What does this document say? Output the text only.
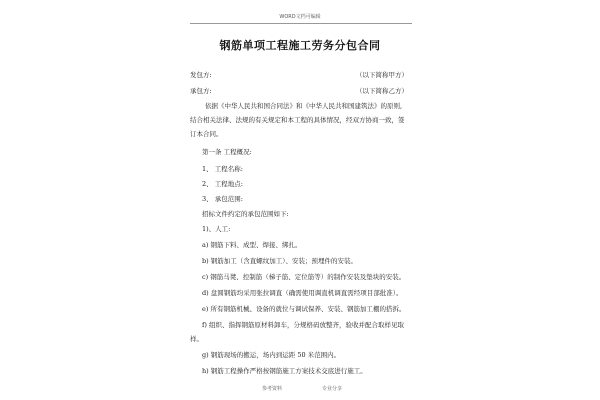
WORD文档可编辑
钢筋单项工程施工劳务分包合同
发包方:	（以下简称甲方）
承包方:	（以下简称乙方）
依据《中华人民共和国合同法》和《中华人民共和国建筑法》的原则,
结合相关法律、法规的有关规定和本工程的具体情况，经双方协商一致，签
订本合同。
第一条 工程概况:
1、 工程名称:
2、 工程地点:
3、 承包范围:
招标文件约定的承包范围如下:
1)、人工:
a) 钢筋下料、成型、焊接、绑扎。
b) 钢筋加工（含直螺纹加工）、安装；预埋件的安装。
c) 钢筋马凳、控制筋（梯子筋、定位筋等）的制作安装及垫块的安装。
d) 盘圆钢筋均采用张拉调直（确需使用调直机调直需经项目部批准）。
e) 所有钢筋机械、设备的就位与调试保养、安装、钢筋加工棚的搭拆。
f) 组织、指挥钢筋原材料卸车，分规格码放整齐，验收并配合取样见取
样。
g) 钢筋现场的搬运，场内到运距 50 米范围内。
h) 钢筋工程操作严格按钢筋施工方案技术交底进行施工。
参考资料	专业分享
